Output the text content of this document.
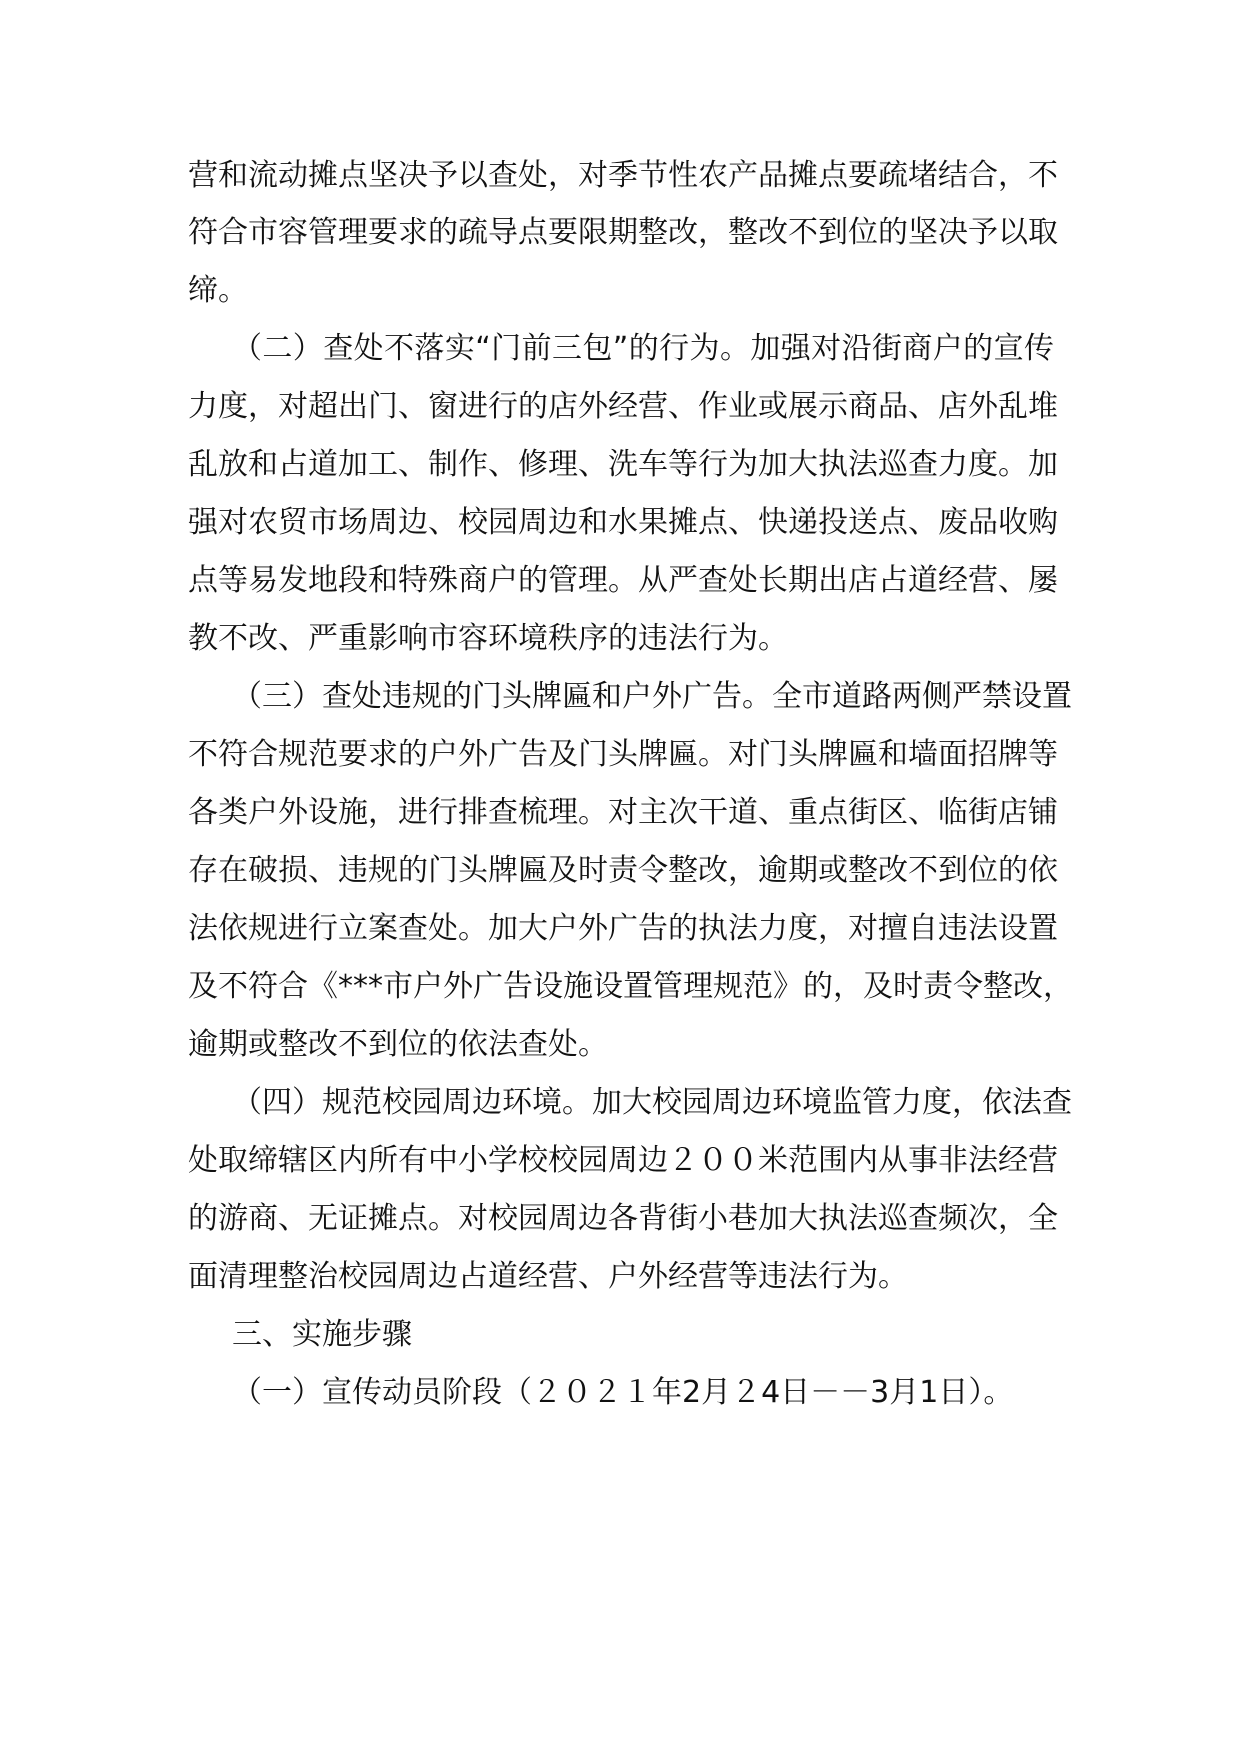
营和流动摊点坚决予以查处，对季节性农产品摊点要疏堵结合，不

符合市容管理要求的疏导点要限期整改，整改不到位的坚决予以取

缔。

（二）查处不落实“门前三包”的行为。加强对沿街商户的宣传

力度，对超出门、窗进行的店外经营、作业或展示商品、店外乱堆

乱放和占道加工、制作、修理、洗车等行为加大执法巡查力度。加

强对农贸市场周边、校园周边和水果摊点、快递投送点、废品收购

点等易发地段和特殊商户的管理。从严查处长期出店占道经营、屡

教不改、严重影响市容环境秩序的违法行为。

（三）查处违规的门头牌匾和户外广告。全市道路两侧严禁设置

不符合规范要求的户外广告及门头牌匾。对门头牌匾和墙面招牌等

各类户外设施，进行排查梳理。对主次干道、重点街区、临街店铺

存在破损、违规的门头牌匾及时责令整改，逾期或整改不到位的依

法依规进行立案查处。加大户外广告的执法力度，对擅自违法设置

及不符合《***市户外广告设施设置管理规范》的，及时责令整改，

逾期或整改不到位的依法查处。

（四）规范校园周边环境。加大校园周边环境监管力度，依法查

处取缔辖区内所有中小学校校园周边２００米范围内从事非法经营

的游商、无证摊点。对校园周边各背街小巷加大执法巡查频次，全

面清理整治校园周边占道经营、户外经营等违法行为。

三、实施步骤

（一）宣传动员阶段（２０２１年2月２4日－－3月1日）。
